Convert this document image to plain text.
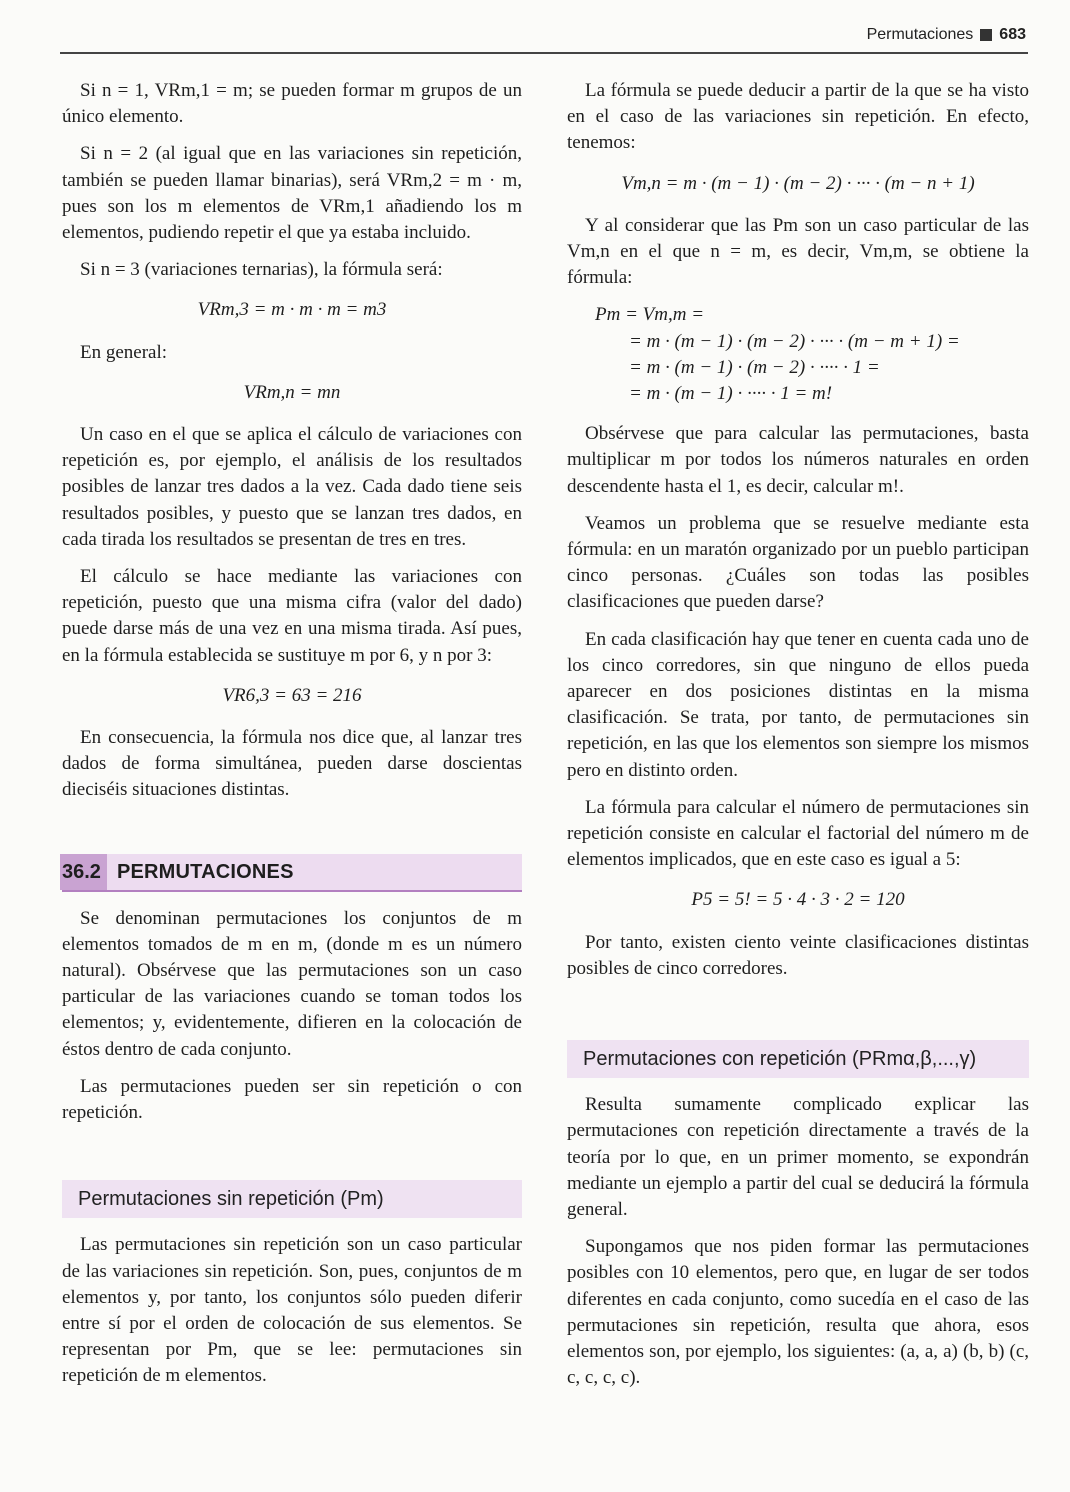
Permutaciones 683

Si n = 1, VRm,1 = m; se pueden formar m grupos de un único elemento.

Si n = 2 (al igual que en las variaciones sin repetición, también se pueden llamar binarias), será VRm,2 = m · m, pues son los m elementos de VRm,1 añadiendo los m elementos, pudiendo repetir el que ya estaba incluido.

Si n = 3 (variaciones ternarias), la fórmula será:

VRm,3 = m · m · m = m3

En general:

VRm,n = mn

Un caso en el que se aplica el cálculo de variaciones con repetición es, por ejemplo, el análisis de los resultados posibles de lanzar tres dados a la vez. Cada dado tiene seis resultados posibles, y puesto que se lanzan tres dados, en cada tirada los resultados se presentan de tres en tres.

El cálculo se hace mediante las variaciones con repetición, puesto que una misma cifra (valor del dado) puede darse más de una vez en una misma tirada. Así pues, en la fórmula establecida se sustituye m por 6, y n por 3:

VR6,3 = 63 = 216

En consecuencia, la fórmula nos dice que, al lanzar tres dados de forma simultánea, pueden darse doscientas dieciséis situaciones distintas.

36.2 PERMUTACIONES

Se denominan permutaciones los conjuntos de m elementos tomados de m en m, (donde m es un número natural). Obsérvese que las permutaciones son un caso particular de las variaciones cuando se toman todos los elementos; y, evidentemente, difieren en la colocación de éstos dentro de cada conjunto.

Las permutaciones pueden ser sin repetición o con repetición.

Permutaciones sin repetición (Pm)

Las permutaciones sin repetición son un caso particular de las variaciones sin repetición. Son, pues, conjuntos de m elementos y, por tanto, los conjuntos sólo pueden diferir entre sí por el orden de colocación de sus elementos. Se representan por Pm, que se lee: permutaciones sin repetición de m elementos.

La fórmula se puede deducir a partir de la que se ha visto en el caso de las variaciones sin repetición. En efecto, tenemos:

Vm,n = m · (m − 1) · (m − 2) · ··· · (m − n + 1)

Y al considerar que las Pm son un caso particular de las Vm,n en el que n = m, es decir, Vm,m, se obtiene la fórmula:

Pm = Vm,m =
= m · (m − 1) · (m − 2) · ··· · (m − m + 1) =
= m · (m − 1) · (m − 2) · ···· · 1 =
= m · (m − 1) · ···· · 1 = m!

Obsérvese que para calcular las permutaciones, basta multiplicar m por todos los números naturales en orden descendente hasta el 1, es decir, calcular m!.

Veamos un problema que se resuelve mediante esta fórmula: en un maratón organizado por un pueblo participan cinco personas. ¿Cuáles son todas las posibles clasificaciones que pueden darse?

En cada clasificación hay que tener en cuenta cada uno de los cinco corredores, sin que ninguno de ellos pueda aparecer en dos posiciones distintas en la misma clasificación. Se trata, por tanto, de permutaciones sin repetición, en las que los elementos son siempre los mismos pero en distinto orden.

La fórmula para calcular el número de permutaciones sin repetición consiste en calcular el factorial del número m de elementos implicados, que en este caso es igual a 5:

P5 = 5! = 5 · 4 · 3 · 2 = 120

Por tanto, existen ciento veinte clasificaciones distintas posibles de cinco corredores.

Permutaciones con repetición (PRmα,β,...,γ)

Resulta sumamente complicado explicar las permutaciones con repetición directamente a través de la teoría por lo que, en un primer momento, se expondrán mediante un ejemplo a partir del cual se deducirá la fórmula general.

Supongamos que nos piden formar las permutaciones posibles con 10 elementos, pero que, en lugar de ser todos diferentes en cada conjunto, como sucedía en el caso de las permutaciones sin repetición, resulta que ahora, esos elementos son, por ejemplo, los siguientes: (a, a, a) (b, b) (c, c, c, c, c).
